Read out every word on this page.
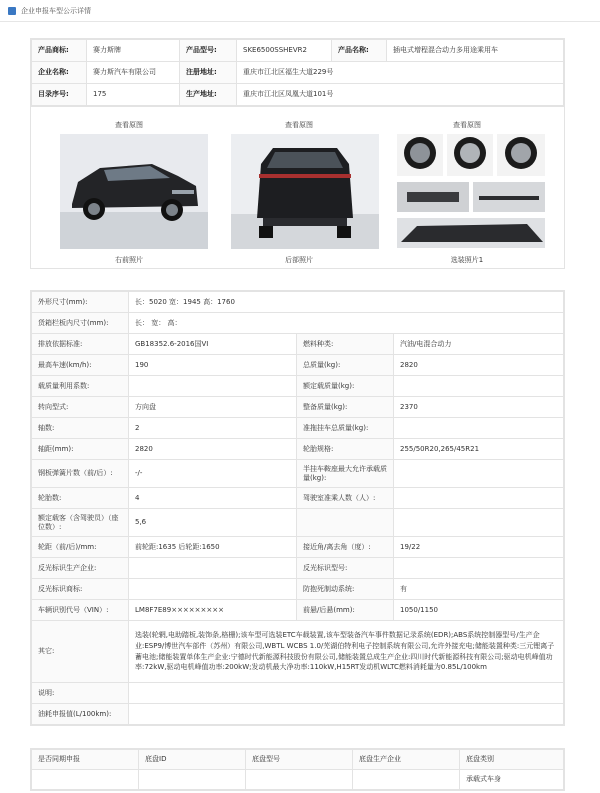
企业申报车型公示详情
产品商标:	赛力斯牌	产品型号:	SKE6500SSHEVR2	产品名称:	插电式增程混合动力多用途乘用车
企业名称:	赛力斯汽车有限公司	注册地址:	重庆市江北区福生大道229号		
目录序号:	175	生产地址:	重庆市江北区凤凰大道101号		
查看原图
右前照片
查看原图
后部照片
查看原图
选装照片1
外形尺寸(mm):	长：5020 宽：1945 高：1760		
货箱栏板内尺寸(mm):	长： 宽： 高：		
排放依据标准:	GB18352.6-2016国VI	燃料种类:	汽油/电混合动力
最高车速(km/h):	190	总质量(kg):	2820
载质量利用系数:		额定载质量(kg):	
转向型式:	方向盘	整备质量(kg):	2370
轴数:	2	准拖挂车总质量(kg):	
轴距(mm):	2820	轮胎规格:	255/50R20,265/45R21
钢板弹簧片数（前/后）:	-/-	半挂车鞍座最大允许承载质量(kg):	
轮胎数:	4	驾驶室准乘人数（人）:	
额定载客（含驾驶员）（座位数）:	5,6		
轮距（前/后)/mm:	前轮距:1635 后轮距:1650	接近角/离去角（度）:	19/22
反光标识生产企业:		反光标识型号:	
反光标识商标:		防抱死制动系统:	有
车辆识别代号（VIN）:	LM8F7E89×××××××××	前悬/后悬(mm):	1050/1150
其它:	选装(轮辋,电助踏板,装饰条,格栅);该车型可选装ETC车载装置,该车型装备汽车事件数据记录系统(EDR);ABS系统控制器型号/生产企业:ESP9/博世汽车部件（苏州）有限公司,WBTL WCBS 1.0/芜湖伯特利电子控制系统有限公司,允许外接充电;储能装置种类:三元锂离子蓄电池;储能装置单体生产企业:宁德时代新能源科技股份有限公司,储能装置总成生产企业:四川时代新能源科技有限公司;驱动电机峰值功率:72kW,驱动电机峰值功率:200kW;发动机最大净功率:110kW,H15RT发动机WLTC燃料消耗量为0.85L/100km		
说明:			
油耗申报值(L/100km):			
是否同期申报	底盘ID	底盘型号	底盘生产企业	底盘类别
				承载式车身
